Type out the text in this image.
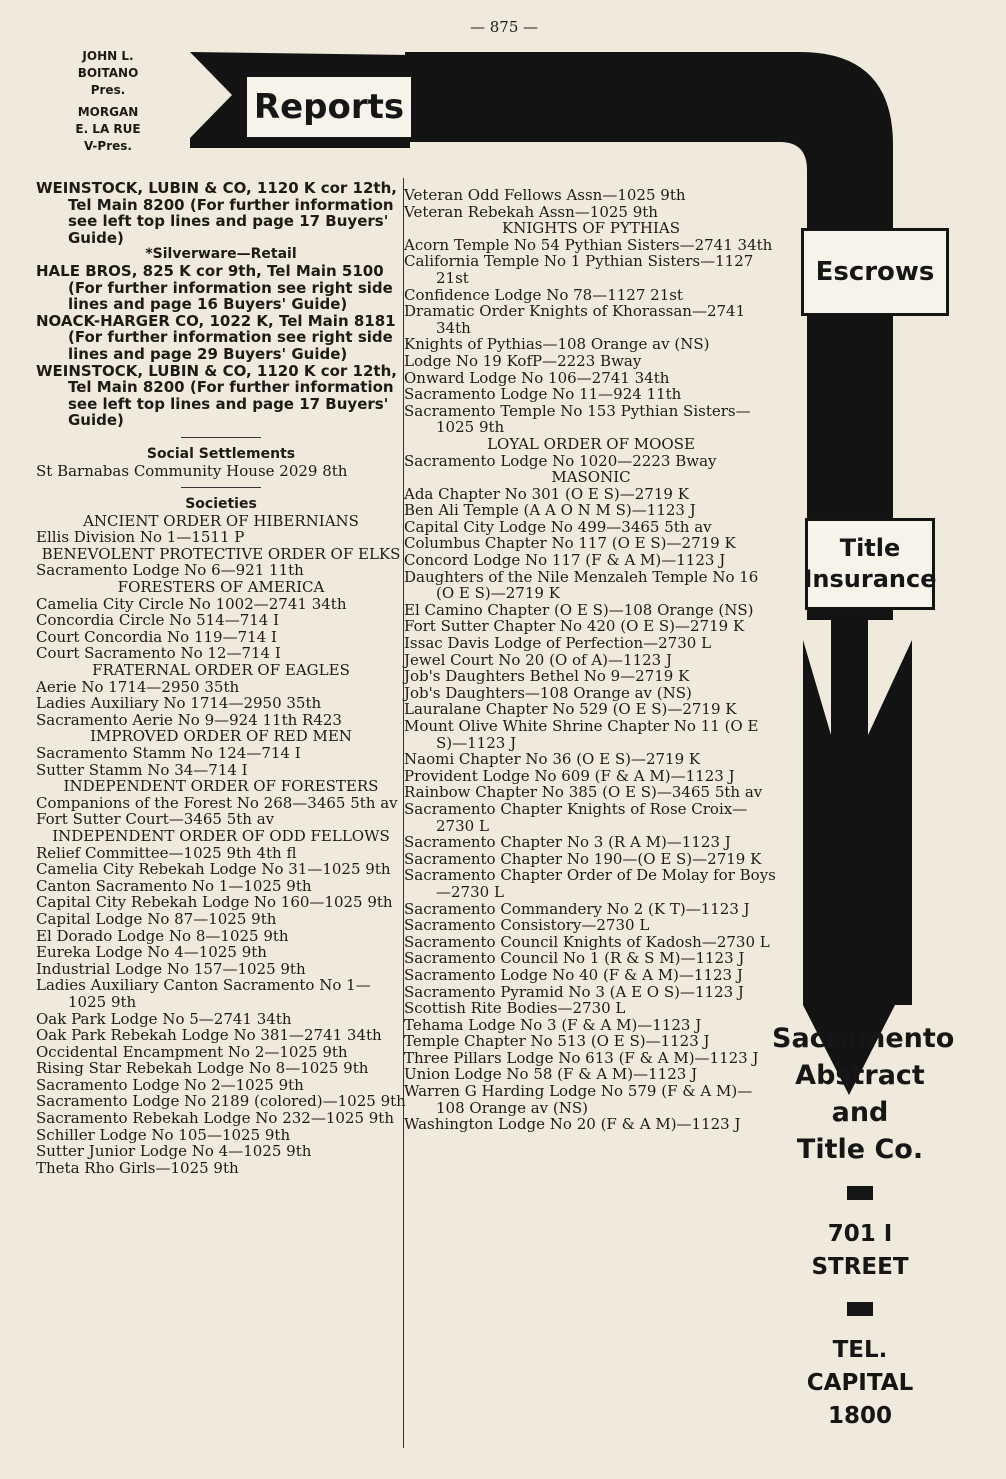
— 875 —
JOHN L.
BOITANO
Pres.
MORGAN
E. LA RUE
V-Pres.
Reports
Escrows
Title
Insurance
Sacramento
Abstract
and
Title Co.
701 I
STREET
TEL.
CAPITAL
1800
WEINSTOCK, LUBIN & CO, 1120 K cor 12th, Tel Main 8200 (For further information see left top lines and page 17 Buyers' Guide)
*Silverware—Retail
HALE BROS, 825 K cor 9th, Tel Main 5100 (For further information see right side lines and page 16 Buyers' Guide)
NOACK-HARGER CO, 1022 K, Tel Main 8181 (For further information see right side lines and page 29 Buyers' Guide)
WEINSTOCK, LUBIN & CO, 1120 K cor 12th, Tel Main 8200 (For further information see left top lines and page 17 Buyers' Guide)
Social Settlements
St Barnabas Community House 2029 8th
Societies
ANCIENT ORDER OF HIBERNIANS
Ellis Division No 1—1511 P
BENEVOLENT PROTECTIVE ORDER OF ELKS
Sacramento Lodge No 6—921 11th
FORESTERS OF AMERICA
Camelia City Circle No 1002—2741 34th
Concordia Circle No 514—714 I
Court Concordia No 119—714 I
Court Sacramento No 12—714 I
FRATERNAL ORDER OF EAGLES
Aerie No 1714—2950 35th
Ladies Auxiliary No 1714—2950 35th
Sacramento Aerie No 9—924 11th R423
IMPROVED ORDER OF RED MEN
Sacramento Stamm No 124—714 I
Sutter Stamm No 34—714 I
INDEPENDENT ORDER OF FORESTERS
Companions of the Forest No 268—3465 5th av
Fort Sutter Court—3465 5th av
INDEPENDENT ORDER OF ODD FELLOWS
Relief Committee—1025 9th 4th fl
Camelia City Rebekah Lodge No 31—1025 9th
Canton Sacramento No 1—1025 9th
Capital City Rebekah Lodge No 160—1025 9th
Capital Lodge No 87—1025 9th
El Dorado Lodge No 8—1025 9th
Eureka Lodge No 4—1025 9th
Industrial Lodge No 157—1025 9th
Ladies Auxiliary Canton Sacramento No 1—1025 9th
Oak Park Lodge No 5—2741 34th
Oak Park Rebekah Lodge No 381—2741 34th
Occidental Encampment No 2—1025 9th
Rising Star Rebekah Lodge No 8—1025 9th
Sacramento Lodge No 2—1025 9th
Sacramento Lodge No 2189 (colored)—1025 9th
Sacramento Rebekah Lodge No 232—1025 9th
Schiller Lodge No 105—1025 9th
Sutter Junior Lodge No 4—1025 9th
Theta Rho Girls—1025 9th
Veteran Odd Fellows Assn—1025 9th
Veteran Rebekah Assn—1025 9th
KNIGHTS OF PYTHIAS
Acorn Temple No 54 Pythian Sisters—2741 34th
California Temple No 1 Pythian Sisters—1127 21st
Confidence Lodge No 78—1127 21st
Dramatic Order Knights of Khorassan—2741 34th
Knights of Pythias—108 Orange av (NS)
Lodge No 19 KofP—2223 Bway
Onward Lodge No 106—2741 34th
Sacramento Lodge No 11—924 11th
Sacramento Temple No 153 Pythian Sisters—1025 9th
LOYAL ORDER OF MOOSE
Sacramento Lodge No 1020—2223 Bway
MASONIC
Ada Chapter No 301 (O E S)—2719 K
Ben Ali Temple (A A O N M S)—1123 J
Capital City Lodge No 499—3465 5th av
Columbus Chapter No 117 (O E S)—2719 K
Concord Lodge No 117 (F & A M)—1123 J
Daughters of the Nile Menzaleh Temple No 16 (O E S)—2719 K
El Camino Chapter (O E S)—108 Orange (NS)
Fort Sutter Chapter No 420 (O E S)—2719 K
Issac Davis Lodge of Perfection—2730 L
Jewel Court No 20 (O of A)—1123 J
Job's Daughters Bethel No 9—2719 K
Job's Daughters—108 Orange av (NS)
Lauralane Chapter No 529 (O E S)—2719 K
Mount Olive White Shrine Chapter No 11 (O E S)—1123 J
Naomi Chapter No 36 (O E S)—2719 K
Provident Lodge No 609 (F & A M)—1123 J
Rainbow Chapter No 385 (O E S)—3465 5th av
Sacramento Chapter Knights of Rose Croix—2730 L
Sacramento Chapter No 3 (R A M)—1123 J
Sacramento Chapter No 190—(O E S)—2719 K
Sacramento Chapter Order of De Molay for Boys—2730 L
Sacramento Commandery No 2 (K T)—1123 J
Sacramento Consistory—2730 L
Sacramento Council Knights of Kadosh—2730 L
Sacramento Council No 1 (R & S M)—1123 J
Sacramento Lodge No 40 (F & A M)—1123 J
Sacramento Pyramid No 3 (A E O S)—1123 J
Scottish Rite Bodies—2730 L
Tehama Lodge No 3 (F & A M)—1123 J
Temple Chapter No 513 (O E S)—1123 J
Three Pillars Lodge No 613 (F & A M)—1123 J
Union Lodge No 58 (F & A M)—1123 J
Warren G Harding Lodge No 579 (F & A M)—108 Orange av (NS)
Washington Lodge No 20 (F & A M)—1123 J
